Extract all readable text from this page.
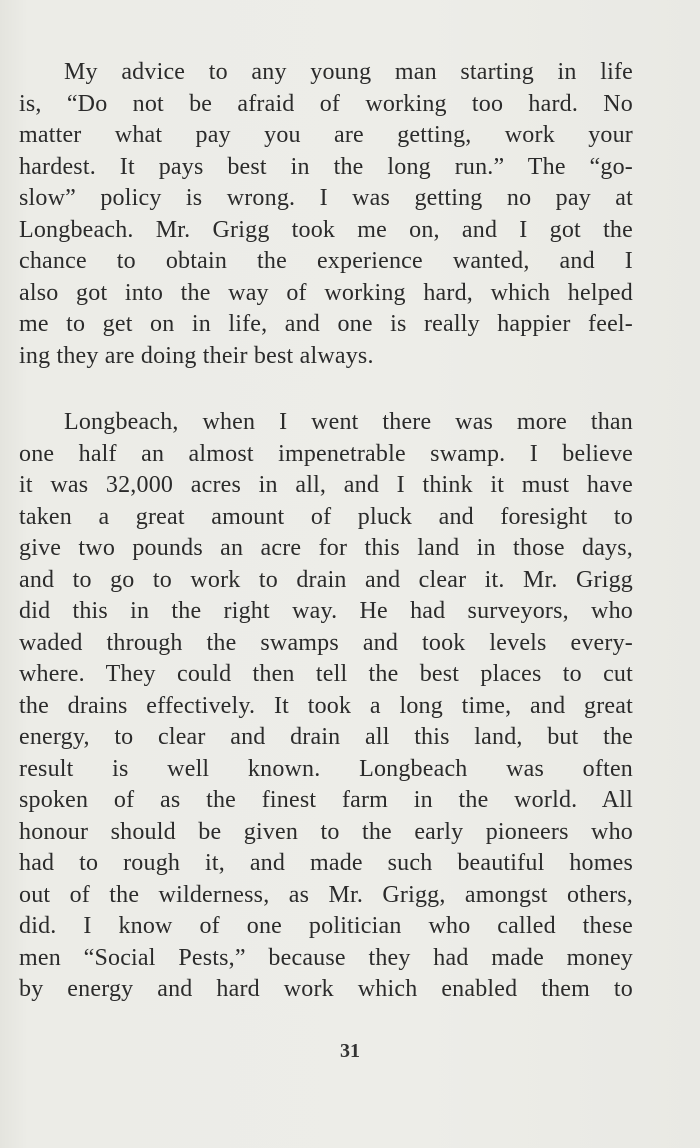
My advice to any young man starting in life
is, “Do not be afraid of working too hard. No
matter what pay you are getting, work your
hardest. It pays best in the long run.” The “go-
slow” policy is wrong. I was getting no pay at
Longbeach. Mr. Grigg took me on, and I got the
chance to obtain the experience wanted, and I
also got into the way of working hard, which helped
me to get on in life, and one is really happier feel-
ing they are doing their best always.
Longbeach, when I went there was more than
one half an almost impenetrable swamp. I believe
it was 32,000 acres in all, and I think it must have
taken a great amount of pluck and foresight to
give two pounds an acre for this land in those days,
and to go to work to drain and clear it. Mr. Grigg
did this in the right way. He had surveyors, who
waded through the swamps and took levels every-
where. They could then tell the best places to cut
the drains effectively. It took a long time, and great
energy, to clear and drain all this land, but the
result is well known. Longbeach was often
spoken of as the finest farm in the world. All
honour should be given to the early pioneers who
had to rough it, and made such beautiful homes
out of the wilderness, as Mr. Grigg, amongst others,
did. I know of one politician who called these
men “Social Pests,” because they had made money
by energy and hard work which enabled them to
31
